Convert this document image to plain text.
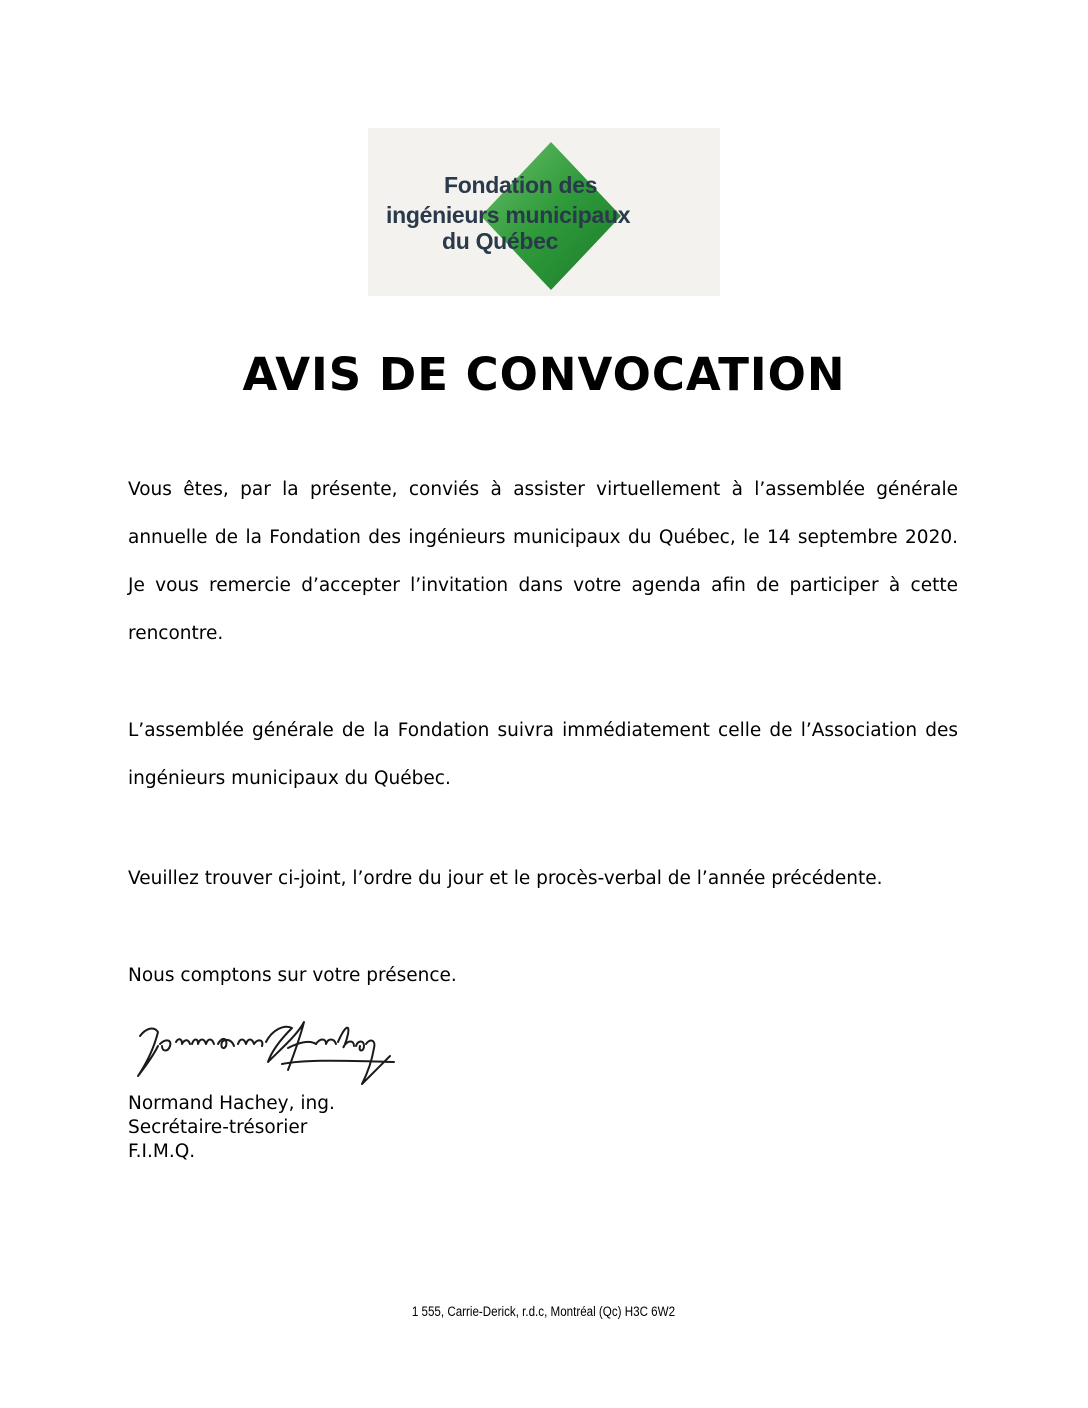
Fondation des
ingénieurs municipaux
du Québec
AVIS DE CONVOCATION

Vous êtes, par la présente, conviés à assister virtuellement à l’assemblée générale annuelle de la Fondation des ingénieurs municipaux du Québec, le 14 septembre 2020. Je vous remercie d’accepter l’invitation dans votre agenda afin de participer à cette rencontre.

L’assemblée générale de la Fondation suivra immédiatement celle de l’Association des ingénieurs municipaux du Québec.

Veuillez trouver ci-joint, l’ordre du jour et le procès-verbal de l’année précédente.

Nous comptons sur votre présence.

Normand Hachey, ing.
Secrétaire-trésorier
F.I.M.Q.
1 555, Carrie-Derick, r.d.c, Montréal (Qc) H3C 6W2
